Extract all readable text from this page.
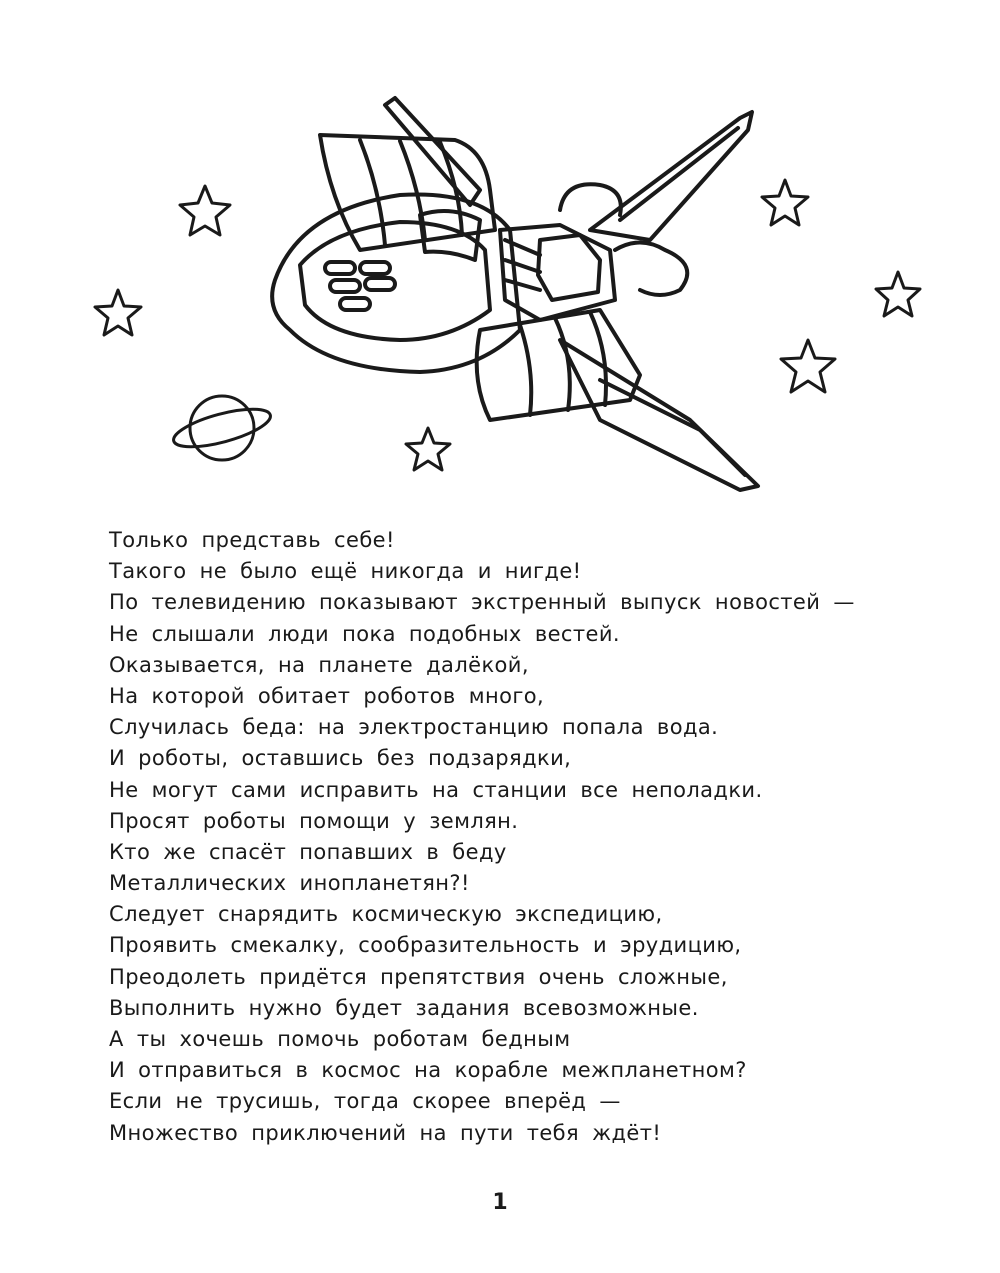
Только представь себе!
Такого не было ещё никогда и нигде!
По телевидению показывают экстренный выпуск новостей —
Не слышали люди пока подобных вестей.
Оказывается, на планете далёкой,
На которой обитает роботов много,
Случилась беда: на электростанцию попала вода.
И роботы, оставшись без подзарядки,
Не могут сами исправить на станции все неполадки.
Просят роботы помощи у землян.
Кто же спасёт попавших в беду
Металлических инопланетян?!
Следует снарядить космическую экспедицию,
Проявить смекалку, сообразительность и эрудицию,
Преодолеть придётся препятствия очень сложные,
Выполнить нужно будет задания всевозможные.
А ты хочешь помочь роботам бедным
И отправиться в космос на корабле межпланетном?
Если не трусишь, тогда скорее вперёд —
Множество приключений на пути тебя ждёт!
1
